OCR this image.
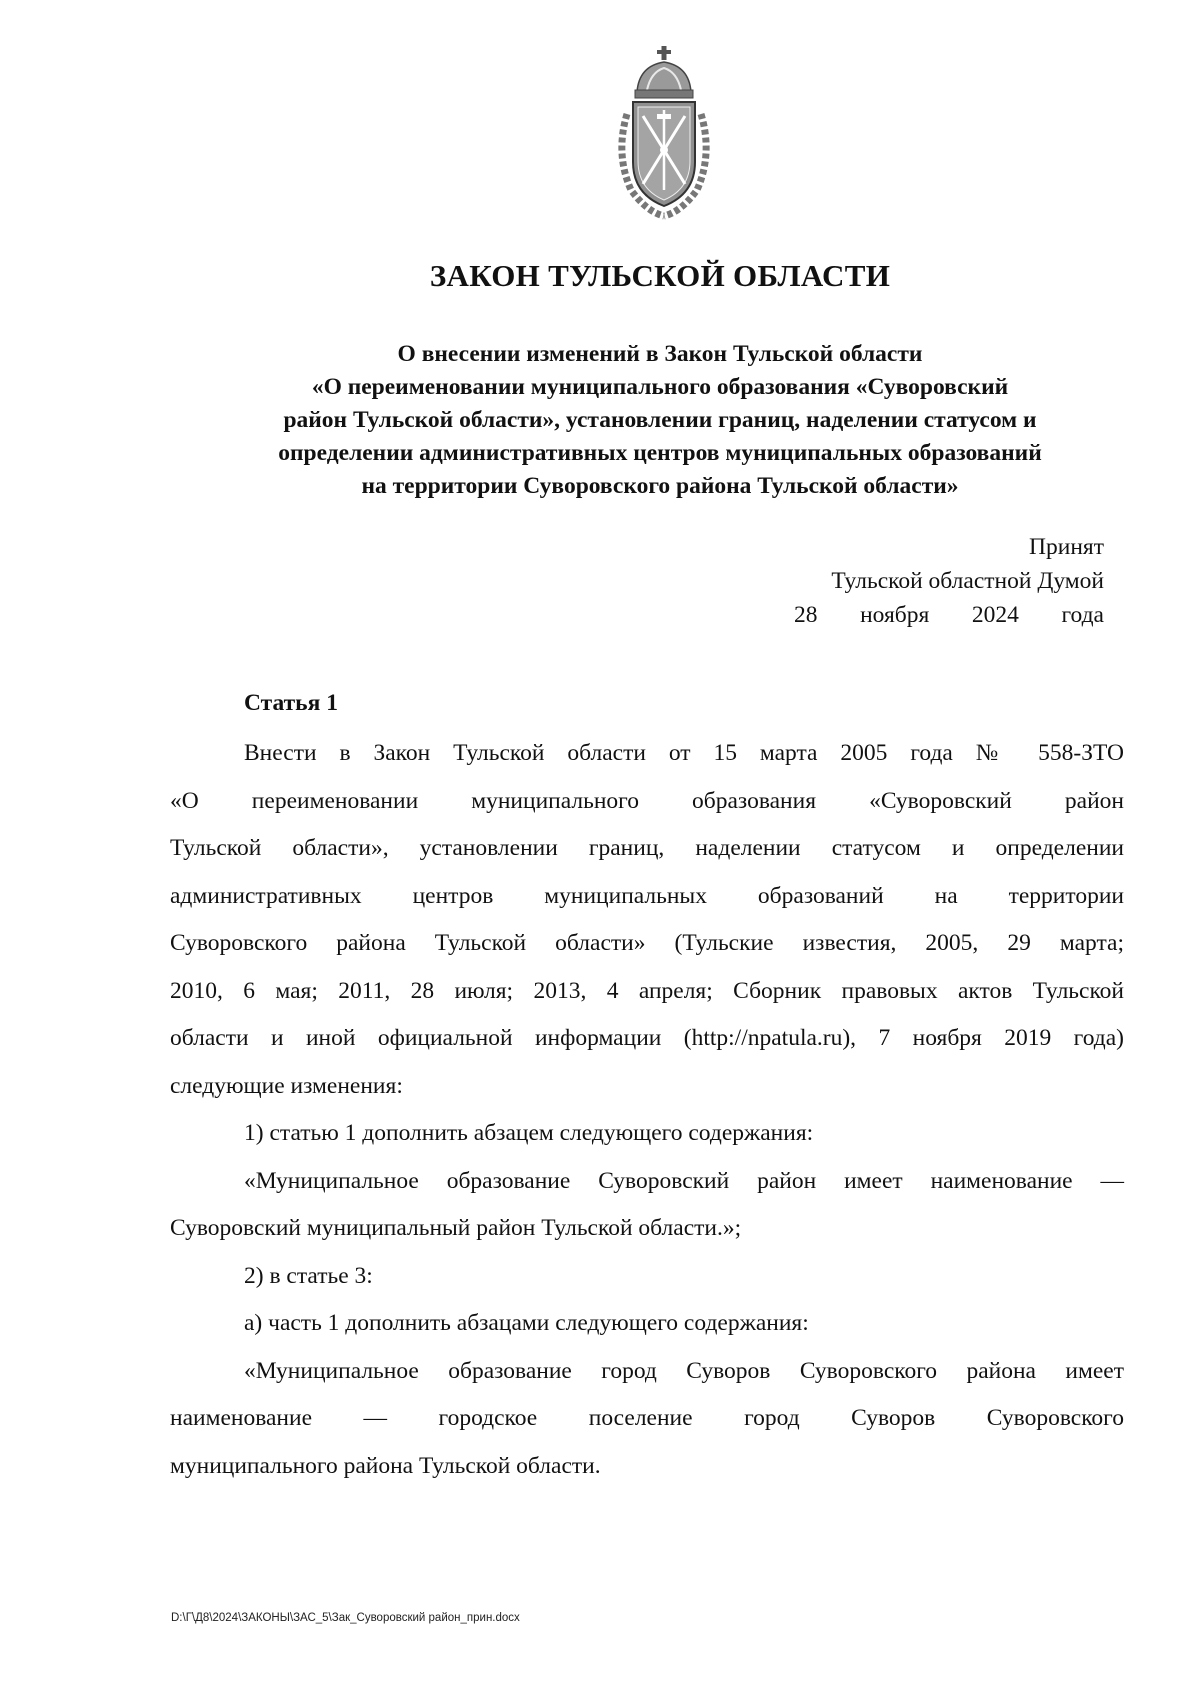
ЗАКОН ТУЛЬСКОЙ ОБЛАСТИ
О внесении изменений в Закон Тульской области
«О переименовании муниципального образования «Суворовский
район Тульской области», установлении границ, наделении статусом и
определении административных центров муниципальных образований
на территории Суворовского района Тульской области»
Принят
Тульской областной Думой
28 ноября 2024 года
Статья 1
Внести в Закон Тульской области от 15 марта 2005 года № 558-ЗТО
«О переименовании муниципального образования «Суворовский район
Тульской области», установлении границ, наделении статусом и определении
административных центров муниципальных образований на территории
Суворовского района Тульской области» (Тульские известия, 2005, 29 марта;
2010, 6 мая; 2011, 28 июля; 2013, 4 апреля; Сборник правовых актов Тульской
области и иной официальной информации (http://npatula.ru), 7 ноября 2019 года)
следующие изменения:
1) статью 1 дополнить абзацем следующего содержания:
«Муниципальное образование Суворовский район имеет наименование —
Суворовский муниципальный район Тульской области.»;
2) в статье 3:
а) часть 1 дополнить абзацами следующего содержания:
«Муниципальное образование город Суворов Суворовского района имеет
наименование — городское поселение город Суворов Суворовского
муниципального района Тульской области.
D:\Г\Д8\2024\ЗАКОНЫ\ЗАС_5\Зак_Суворовский район_прин.docx
